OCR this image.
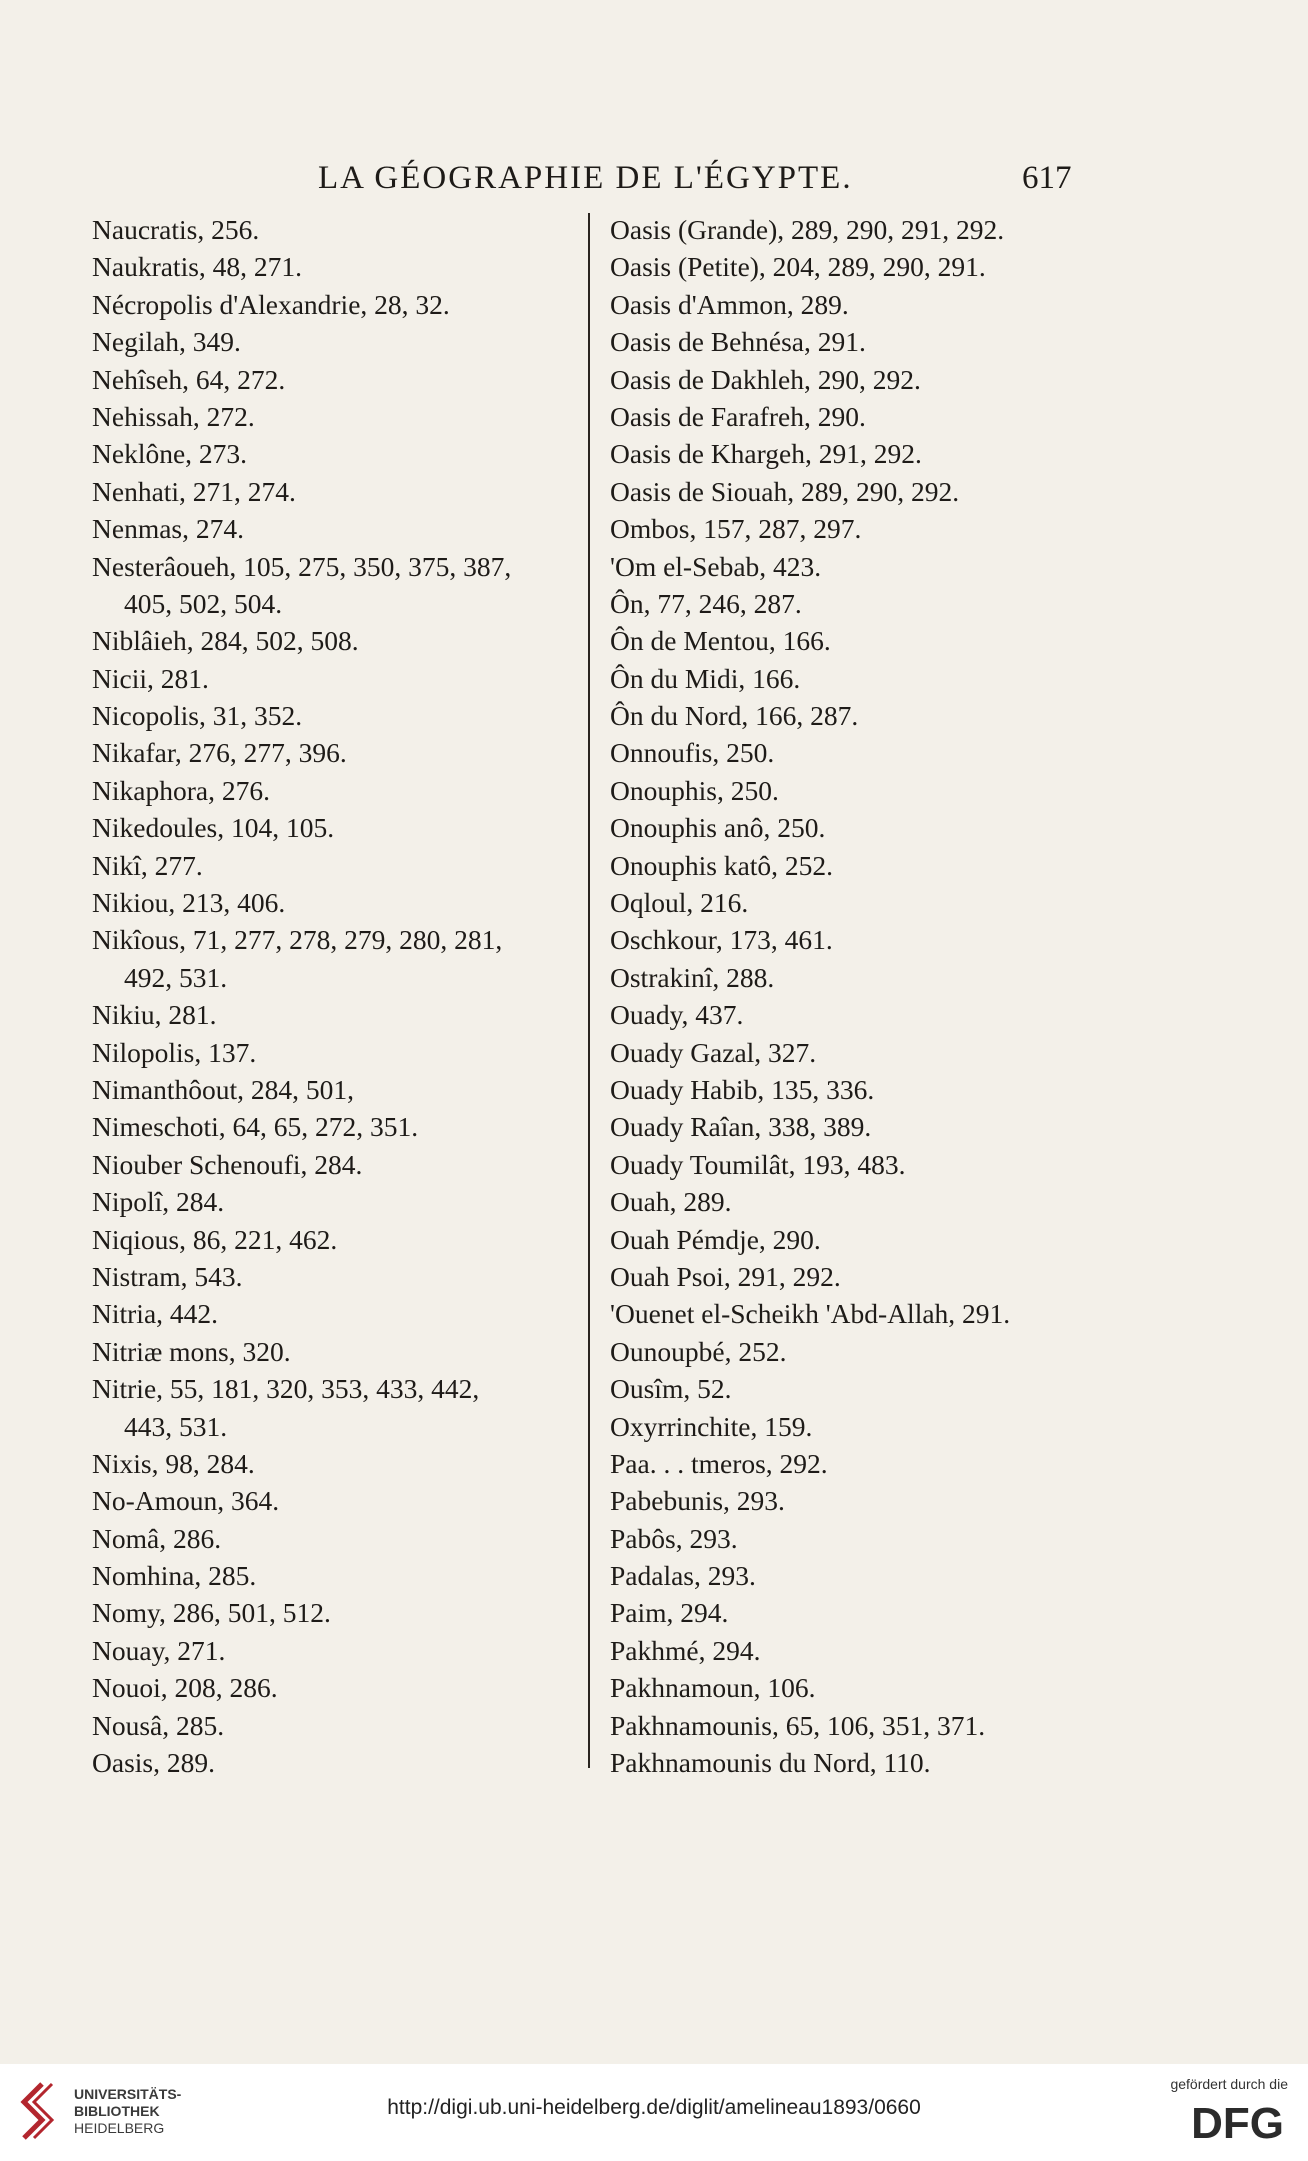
LA GÉOGRAPHIE DE L'ÉGYPTE.	617
Naucratis, 256.
Naukratis, 48, 271.
Nécropolis d'Alexandrie, 28, 32.
Negilah, 349.
Nehîseh, 64, 272.
Nehissah, 272.
Neklône, 273.
Nenhati, 271, 274.
Nenmas, 274.
Nesterâoueh, 105, 275, 350, 375, 387,
405, 502, 504.
Niblâieh, 284, 502, 508.
Nicii, 281.
Nicopolis, 31, 352.
Nikafar, 276, 277, 396.
Nikaphora, 276.
Nikedoules, 104, 105.
Nikî, 277.
Nikiou, 213, 406.
Nikîous, 71, 277, 278, 279, 280, 281,
492, 531.
Nikiu, 281.
Nilopolis, 137.
Nimanthôout, 284, 501,
Nimeschoti, 64, 65, 272, 351.
Niouber Schenoufi, 284.
Nipolî, 284.
Niqious, 86, 221, 462.
Nistram, 543.
Nitria, 442.
Nitriæ mons, 320.
Nitrie, 55, 181, 320, 353, 433, 442,
443, 531.
Nixis, 98, 284.
No-Amoun, 364.
Nomâ, 286.
Nomhina, 285.
Nomy, 286, 501, 512.
Nouay, 271.
Nouoi, 208, 286.
Nousâ, 285.
Oasis, 289.
Oasis (Grande), 289, 290, 291, 292.
Oasis (Petite), 204, 289, 290, 291.
Oasis d'Ammon, 289.
Oasis de Behnésa, 291.
Oasis de Dakhleh, 290, 292.
Oasis de Farafreh, 290.
Oasis de Khargeh, 291, 292.
Oasis de Siouah, 289, 290, 292.
Ombos, 157, 287, 297.
'Om el-Sebab, 423.
Ôn, 77, 246, 287.
Ôn de Mentou, 166.
Ôn du Midi, 166.
Ôn du Nord, 166, 287.
Onnoufis, 250.
Onouphis, 250.
Onouphis anô, 250.
Onouphis katô, 252.
Oqloul, 216.
Oschkour, 173, 461.
Ostrakinî, 288.
Ouady, 437.
Ouady Gazal, 327.
Ouady Habib, 135, 336.
Ouady Raîan, 338, 389.
Ouady Toumilât, 193, 483.
Ouah, 289.
Ouah Pémdje, 290.
Ouah Psoi, 291, 292.
'Ouenet el-Scheikh 'Abd-Allah, 291.
Ounoupbé, 252.
Ousîm, 52.
Oxyrrinchite, 159.
Paa. . . tmeros, 292.
Pabebunis, 293.
Pabôs, 293.
Padalas, 293.
Paim, 294.
Pakhmé, 294.
Pakhnamoun, 106.
Pakhnamounis, 65, 106, 351, 371.
Pakhnamounis du Nord, 110.
UNIVERSITÄTS-
BIBLIOTHEK
HEIDELBERG
http://digi.ub.uni-heidelberg.de/diglit/amelineau1893/0660
gefördert durch die
DFG
